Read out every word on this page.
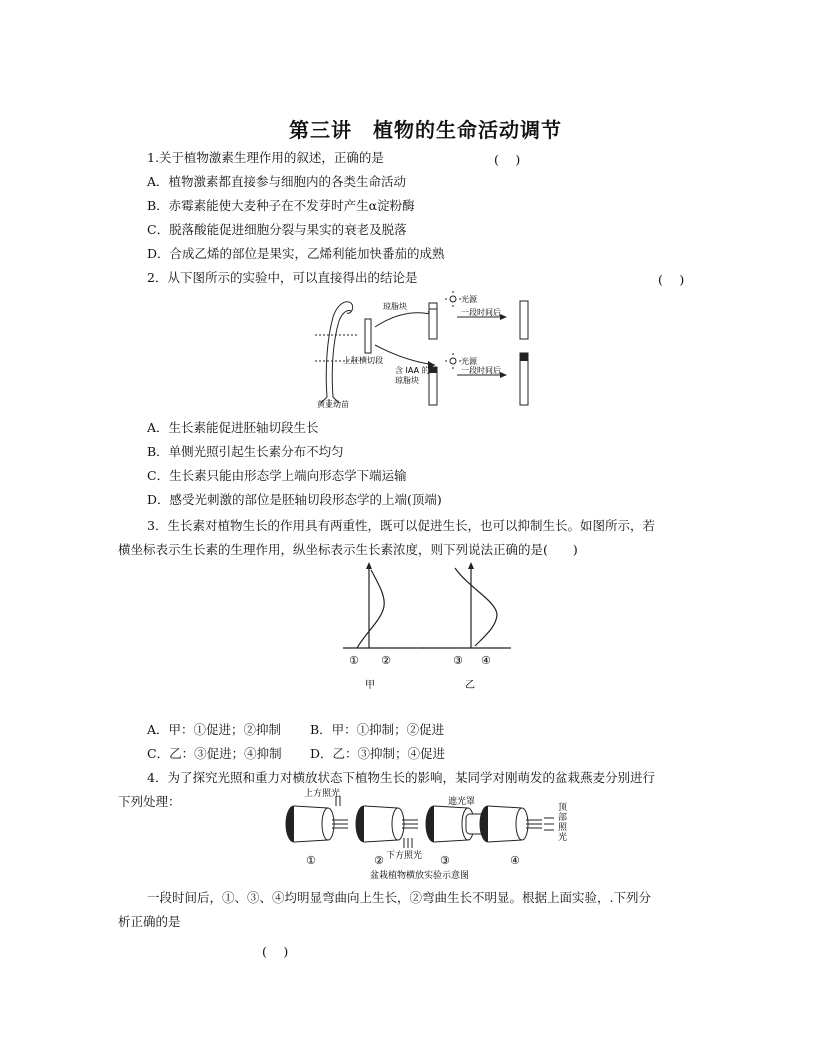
第三讲　植物的生命活动调节
1.关于植物激素生理作用的叙述，正确的是	(　 )
A．植物激素都直接参与细胞内的各类生命活动
B．赤霉素能使大麦种子在不发芽时产生α淀粉酶
C．脱落酸能促进细胞分裂与果实的衰老及脱落
D．合成乙烯的部位是果实，乙烯利能加快番茄的成熟
2．从下图所示的实验中，可以直接得出的结论是	(　 )
琼脂块
光源
一段时间后
上胚横切段
含 IAA 的
琼脂块
光源
一段时间后
黄豆幼苗
A．生长素能促进胚轴切段生长
B．单侧光照引起生长素分布不均匀
C．生长素只能由形态学上端向形态学下端运输
D．感受光刺激的部位是胚轴切段形态学的上端(顶端)
3．生长素对植物生长的作用具有两重性，既可以促进生长，也可以抑制生长。如图所示，若
横坐标表示生长素的生理作用，纵坐标表示生长素浓度，则下列说法正确的是(　　)
① ②	③ ④
甲	乙
A．甲：①促进；②抑制 B．甲：①抑制；②促进
C．乙：③促进；④抑制 D．乙：③抑制；④促进
4．为了探究光照和重力对横放状态下植物生长的影响，某同学对刚萌发的盆栽燕麦分别进行
下列处理：	上方照光
遮光罩
顶
部
照
光
下方照光
①	②	③	④
盆栽植物横放实验示意图
一段时间后，①、③、④均明显弯曲向上生长，②弯曲生长不明显。根据上面实验，.下列分
析正确的是
(　 )
